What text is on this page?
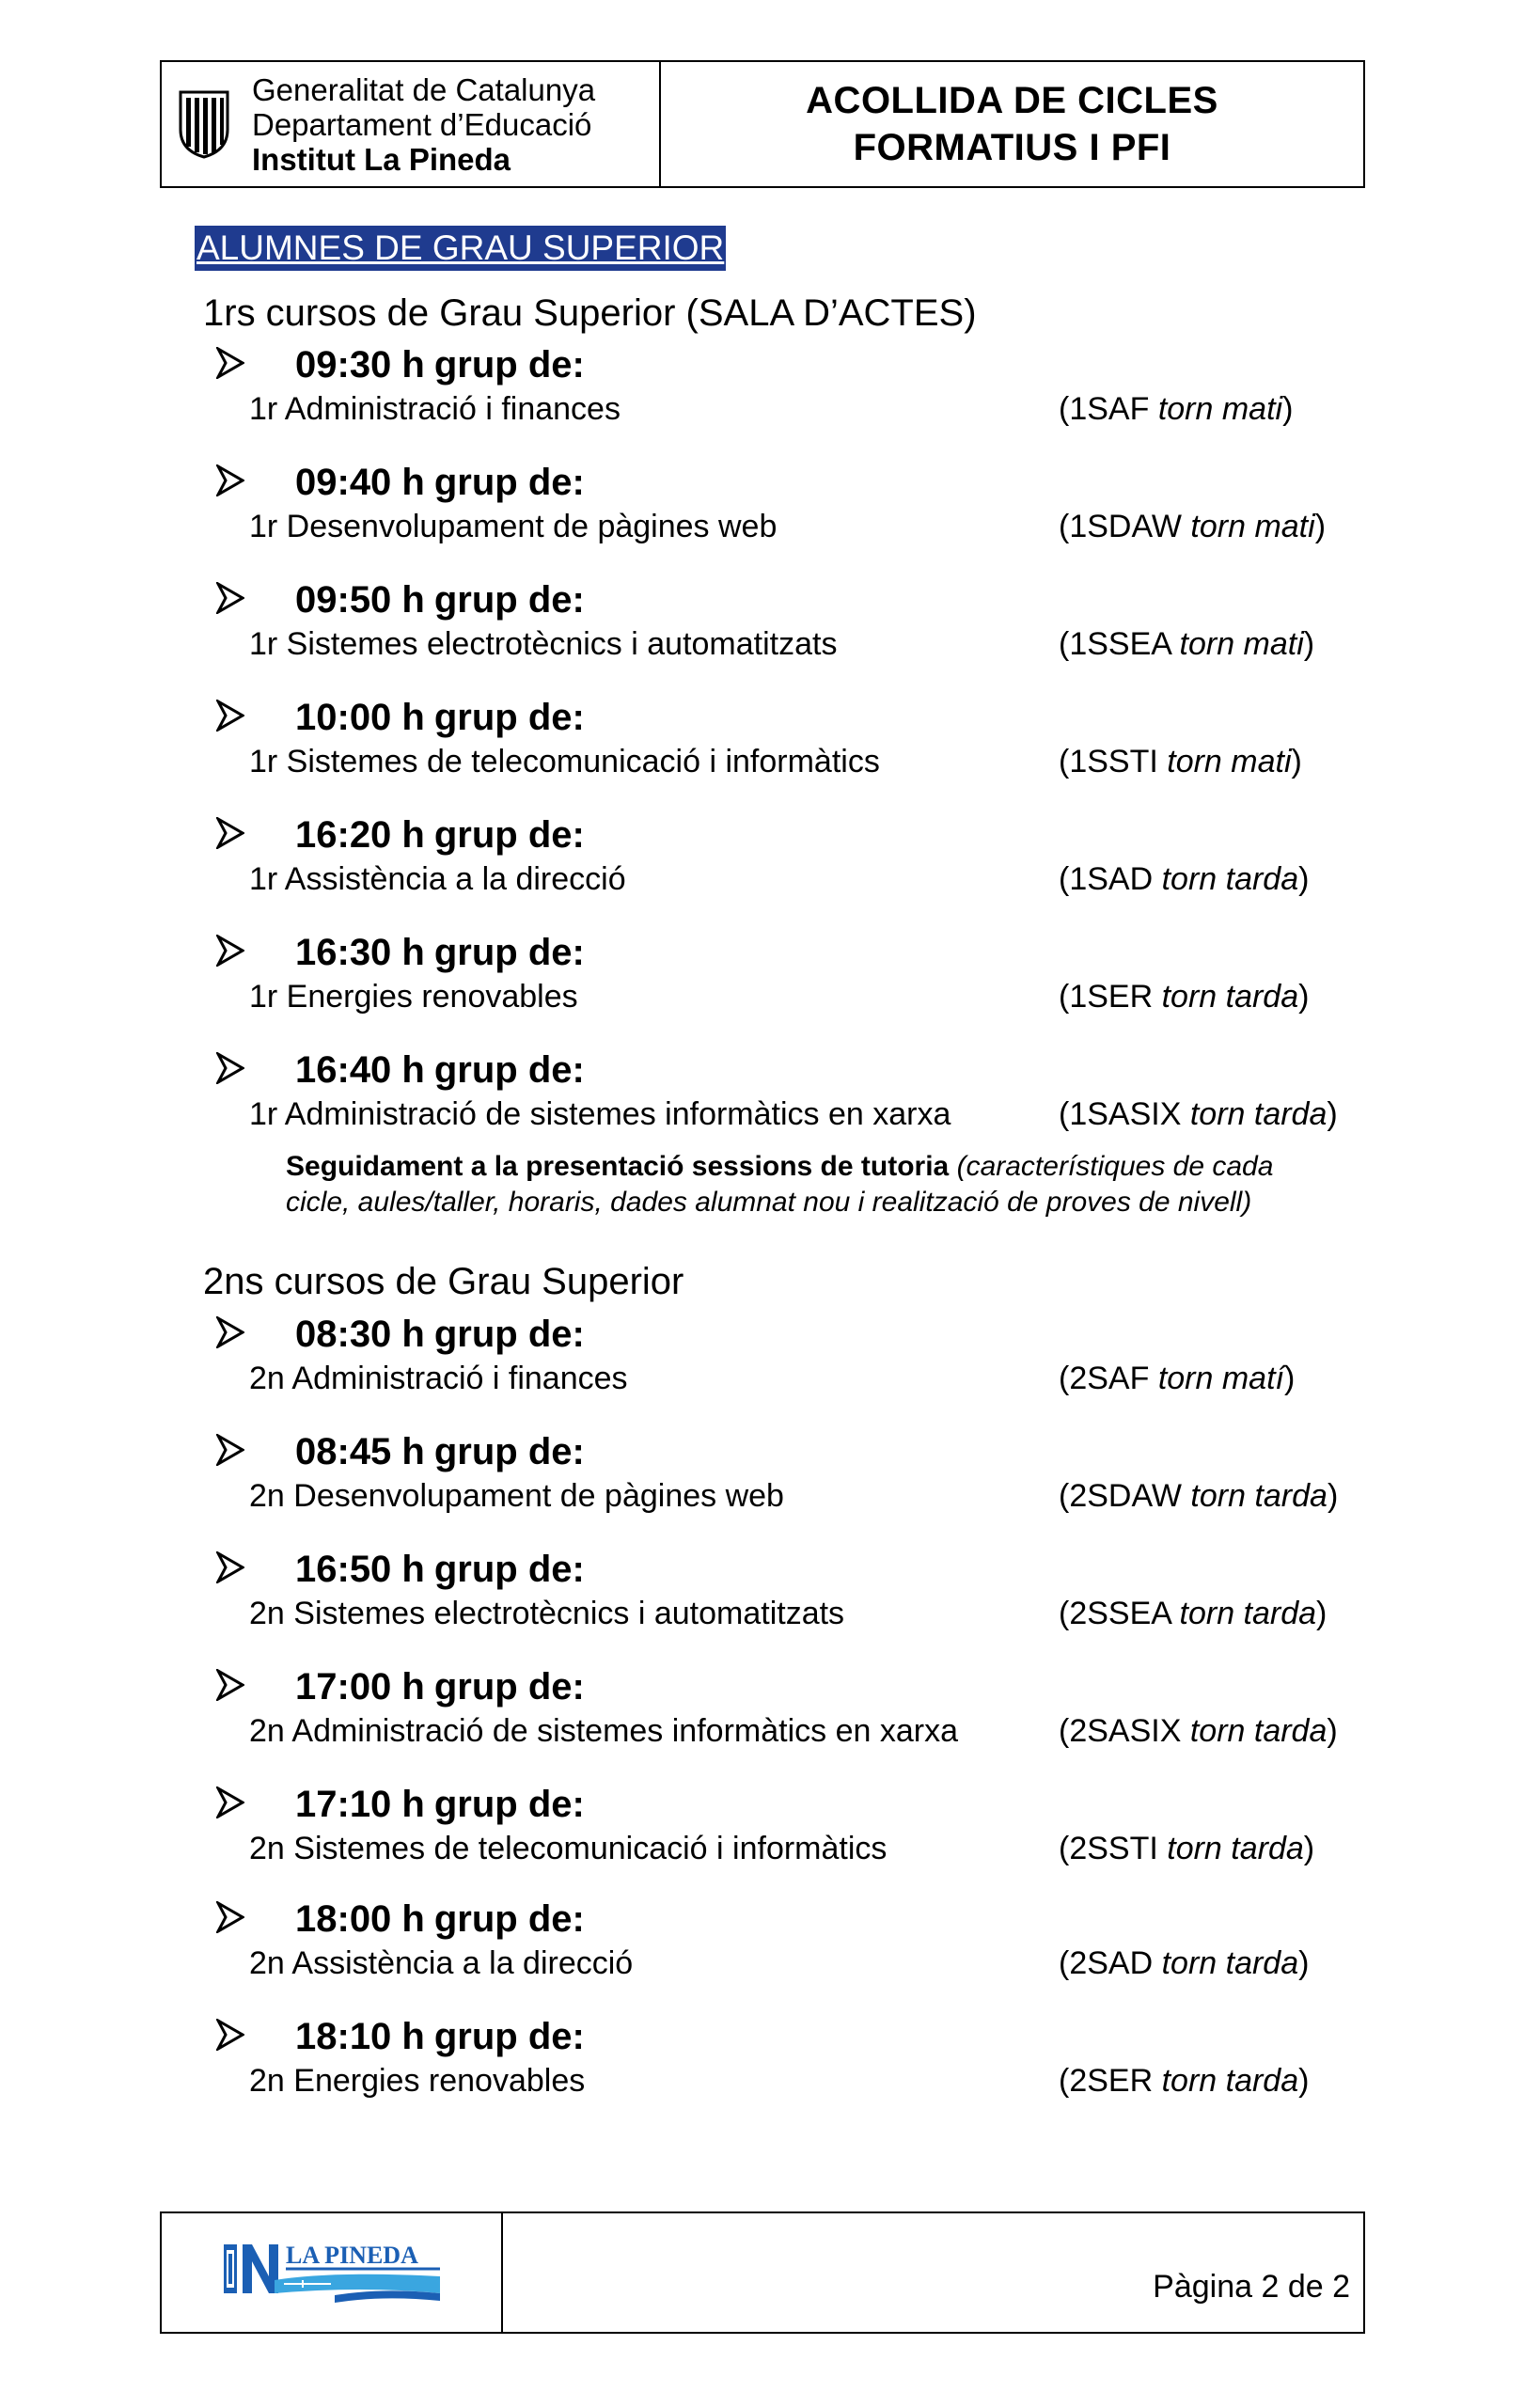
Generalitat de Catalunya
Departament d’Educació
Institut La Pineda
ACOLLIDA DE CICLES
FORMATIUS I PFI
ALUMNES DE GRAU SUPERIOR
1rs cursos de Grau Superior (SALA D’ACTES)
09:30 h grup de:
1r Administració i finances	(1SAF torn mati)
09:40 h grup de:
1r Desenvolupament de pàgines web	(1SDAW torn mati)
09:50 h grup de:
1r Sistemes electrotècnics i automatitzats	(1SSEA torn mati)
10:00 h grup de:
1r Sistemes de telecomunicació i informàtics	(1SSTI torn mati)
16:20 h grup de:
1r Assistència a la direcció	(1SAD torn tarda)
16:30 h grup de:
1r Energies renovables	(1SER torn tarda)
16:40 h grup de:
1r Administració de sistemes informàtics en xarxa	(1SASIX torn tarda)
Seguidament a la presentació sessions de tutoria (característiques de cada cicle, aules/taller, horaris, dades alumnat nou i realització de proves de nivell)
2ns cursos de Grau Superior
08:30 h grup de:
2n Administració i finances	(2SAF torn matí)
08:45 h grup de:
2n Desenvolupament de pàgines web	(2SDAW torn tarda)
16:50 h grup de:
2n Sistemes electrotècnics i automatitzats	(2SSEA torn tarda)
17:00 h grup de:
2n Administració de sistemes informàtics en xarxa	(2SASIX torn tarda)
17:10 h grup de:
2n Sistemes de telecomunicació i informàtics	(2SSTI torn tarda)
18:00 h grup de:
2n Assistència a la direcció	(2SAD torn tarda)
18:10 h grup de:
2n Energies renovables	(2SER torn tarda)
LA PINEDA
Pàgina 2 de 2
